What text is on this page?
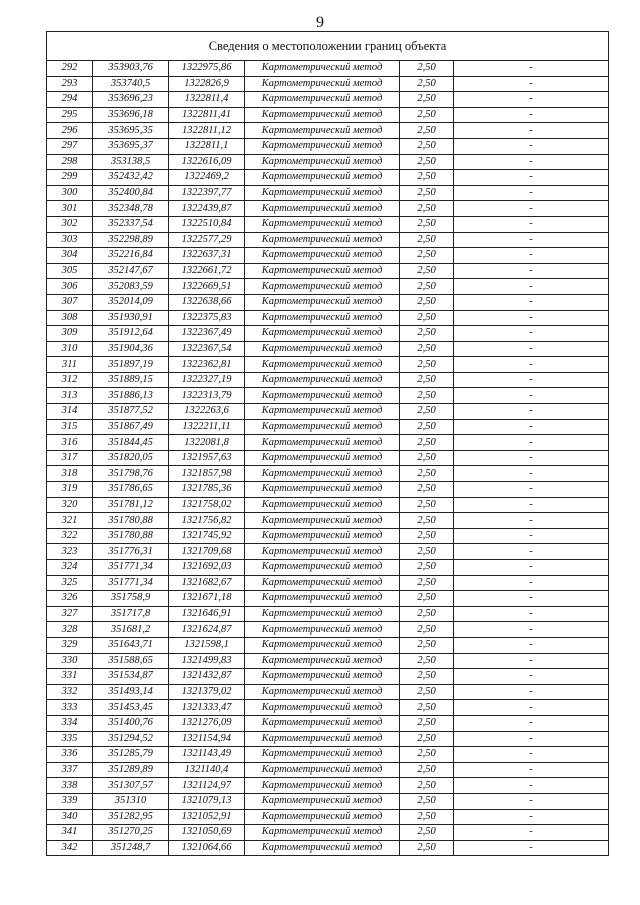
9
Сведения о местоположении границ объекта					
292	353903,76	1322975,86	Картометрический метод	2,50	-
293	353740,5	1322826,9	Картометрический метод	2,50	-
294	353696,23	1322811,4	Картометрический метод	2,50	-
295	353696,18	1322811,41	Картометрический метод	2,50	-
296	353695,35	1322811,12	Картометрический метод	2,50	-
297	353695,37	1322811,1	Картометрический метод	2,50	-
298	353138,5	1322616,09	Картометрический метод	2,50	-
299	352432,42	1322469,2	Картометрический метод	2,50	-
300	352400,84	1322397,77	Картометрический метод	2,50	-
301	352348,78	1322439,87	Картометрический метод	2,50	-
302	352337,54	1322510,84	Картометрический метод	2,50	-
303	352298,89	1322577,29	Картометрический метод	2,50	-
304	352216,84	1322637,31	Картометрический метод	2,50	-
305	352147,67	1322661,72	Картометрический метод	2,50	-
306	352083,59	1322669,51	Картометрический метод	2,50	-
307	352014,09	1322638,66	Картометрический метод	2,50	-
308	351930,91	1322375,83	Картометрический метод	2,50	-
309	351912,64	1322367,49	Картометрический метод	2,50	-
310	351904,36	1322367,54	Картометрический метод	2,50	-
311	351897,19	1322362,81	Картометрический метод	2,50	-
312	351889,15	1322327,19	Картометрический метод	2,50	-
313	351886,13	1322313,79	Картометрический метод	2,50	-
314	351877,52	1322263,6	Картометрический метод	2,50	-
315	351867,49	1322211,11	Картометрический метод	2,50	-
316	351844,45	1322081,8	Картометрический метод	2,50	-
317	351820,05	1321957,63	Картометрический метод	2,50	-
318	351798,76	1321857,98	Картометрический метод	2,50	-
319	351786,65	1321785,36	Картометрический метод	2,50	-
320	351781,12	1321758,02	Картометрический метод	2,50	-
321	351780,88	1321756,82	Картометрический метод	2,50	-
322	351780,88	1321745,92	Картометрический метод	2,50	-
323	351776,31	1321709,68	Картометрический метод	2,50	-
324	351771,34	1321692,03	Картометрический метод	2,50	-
325	351771,34	1321682,67	Картометрический метод	2,50	-
326	351758,9	1321671,18	Картометрический метод	2,50	-
327	351717,8	1321646,91	Картометрический метод	2,50	-
328	351681,2	1321624,87	Картометрический метод	2,50	-
329	351643,71	1321598,1	Картометрический метод	2,50	-
330	351588,65	1321499,83	Картометрический метод	2,50	-
331	351534,87	1321432,87	Картометрический метод	2,50	-
332	351493,14	1321379,02	Картометрический метод	2,50	-
333	351453,45	1321333,47	Картометрический метод	2,50	-
334	351400,76	1321276,09	Картометрический метод	2,50	-
335	351294,52	1321154,94	Картометрический метод	2,50	-
336	351285,79	1321143,49	Картометрический метод	2,50	-
337	351289,89	1321140,4	Картометрический метод	2,50	-
338	351307,57	1321124,97	Картометрический метод	2,50	-
339	351310	1321079,13	Картометрический метод	2,50	-
340	351282,95	1321052,91	Картометрический метод	2,50	-
341	351270,25	1321050,69	Картометрический метод	2,50	-
342	351248,7	1321064,66	Картометрический метод	2,50	-
